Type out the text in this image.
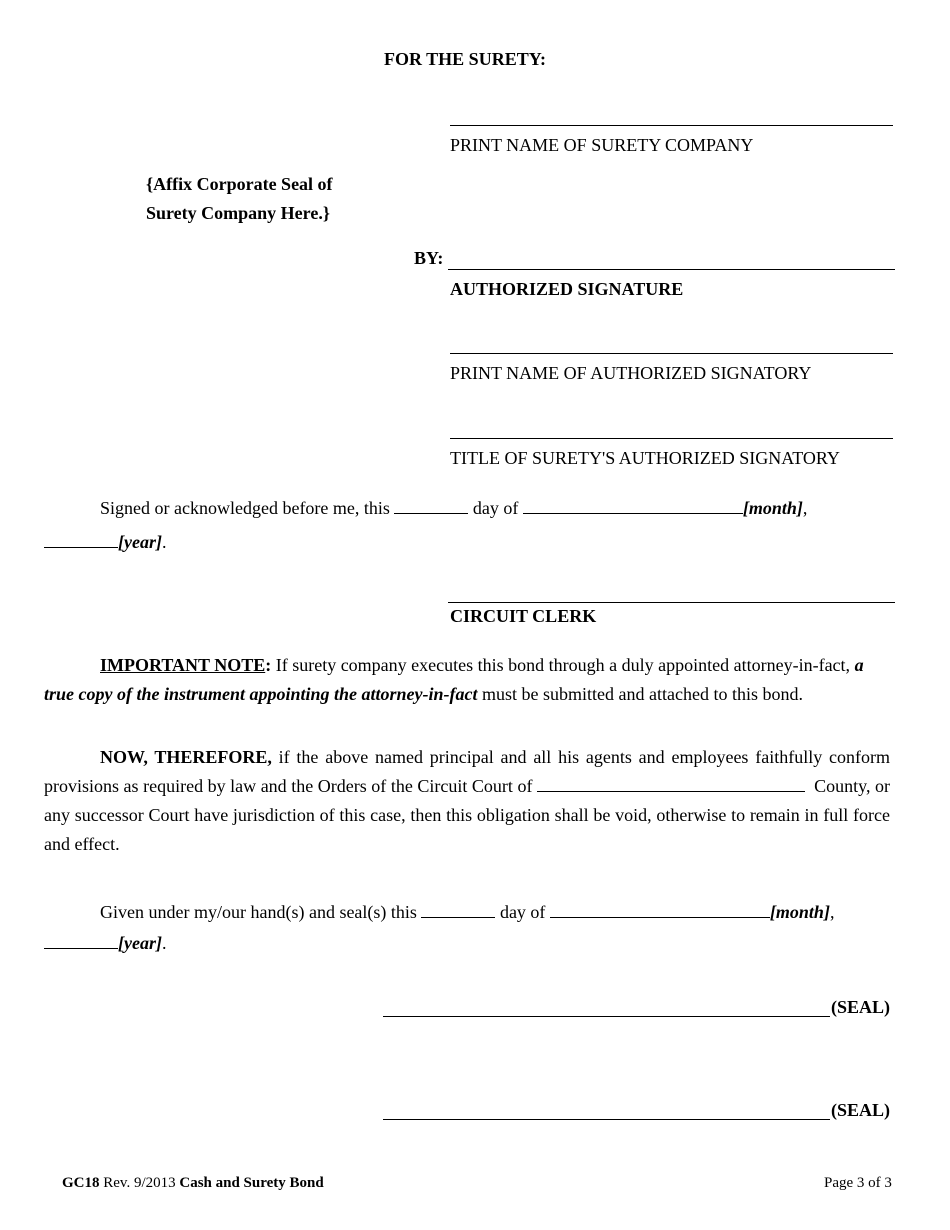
FOR THE SURETY:
PRINT NAME OF SURETY COMPANY
{Affix Corporate Seal of
Surety Company Here.}
BY:
AUTHORIZED SIGNATURE
PRINT NAME OF AUTHORIZED SIGNATORY
TITLE OF SURETY'S AUTHORIZED SIGNATORY
Signed or acknowledged before me, this	day of	[month],
[year].
CIRCUIT CLERK
IMPORTANT NOTE: If surety company executes this bond through a duly appointed attorney-in-fact, a true copy of the instrument appointing the attorney-in-fact must be submitted and attached to this bond.
NOW, THEREFORE, if the above named principal and all his agents and employees faithfully conform provisions as required by law and the Orders of the Circuit Court of	County, or any successor Court have jurisdiction of this case, then this obligation shall be void, otherwise to remain in full force and effect.
Given under my/our hand(s) and seal(s) this	day of	[month],
[year].
(SEAL)
(SEAL)
GC18 Rev. 9/2013 Cash and Surety Bond	Page 3 of 3
